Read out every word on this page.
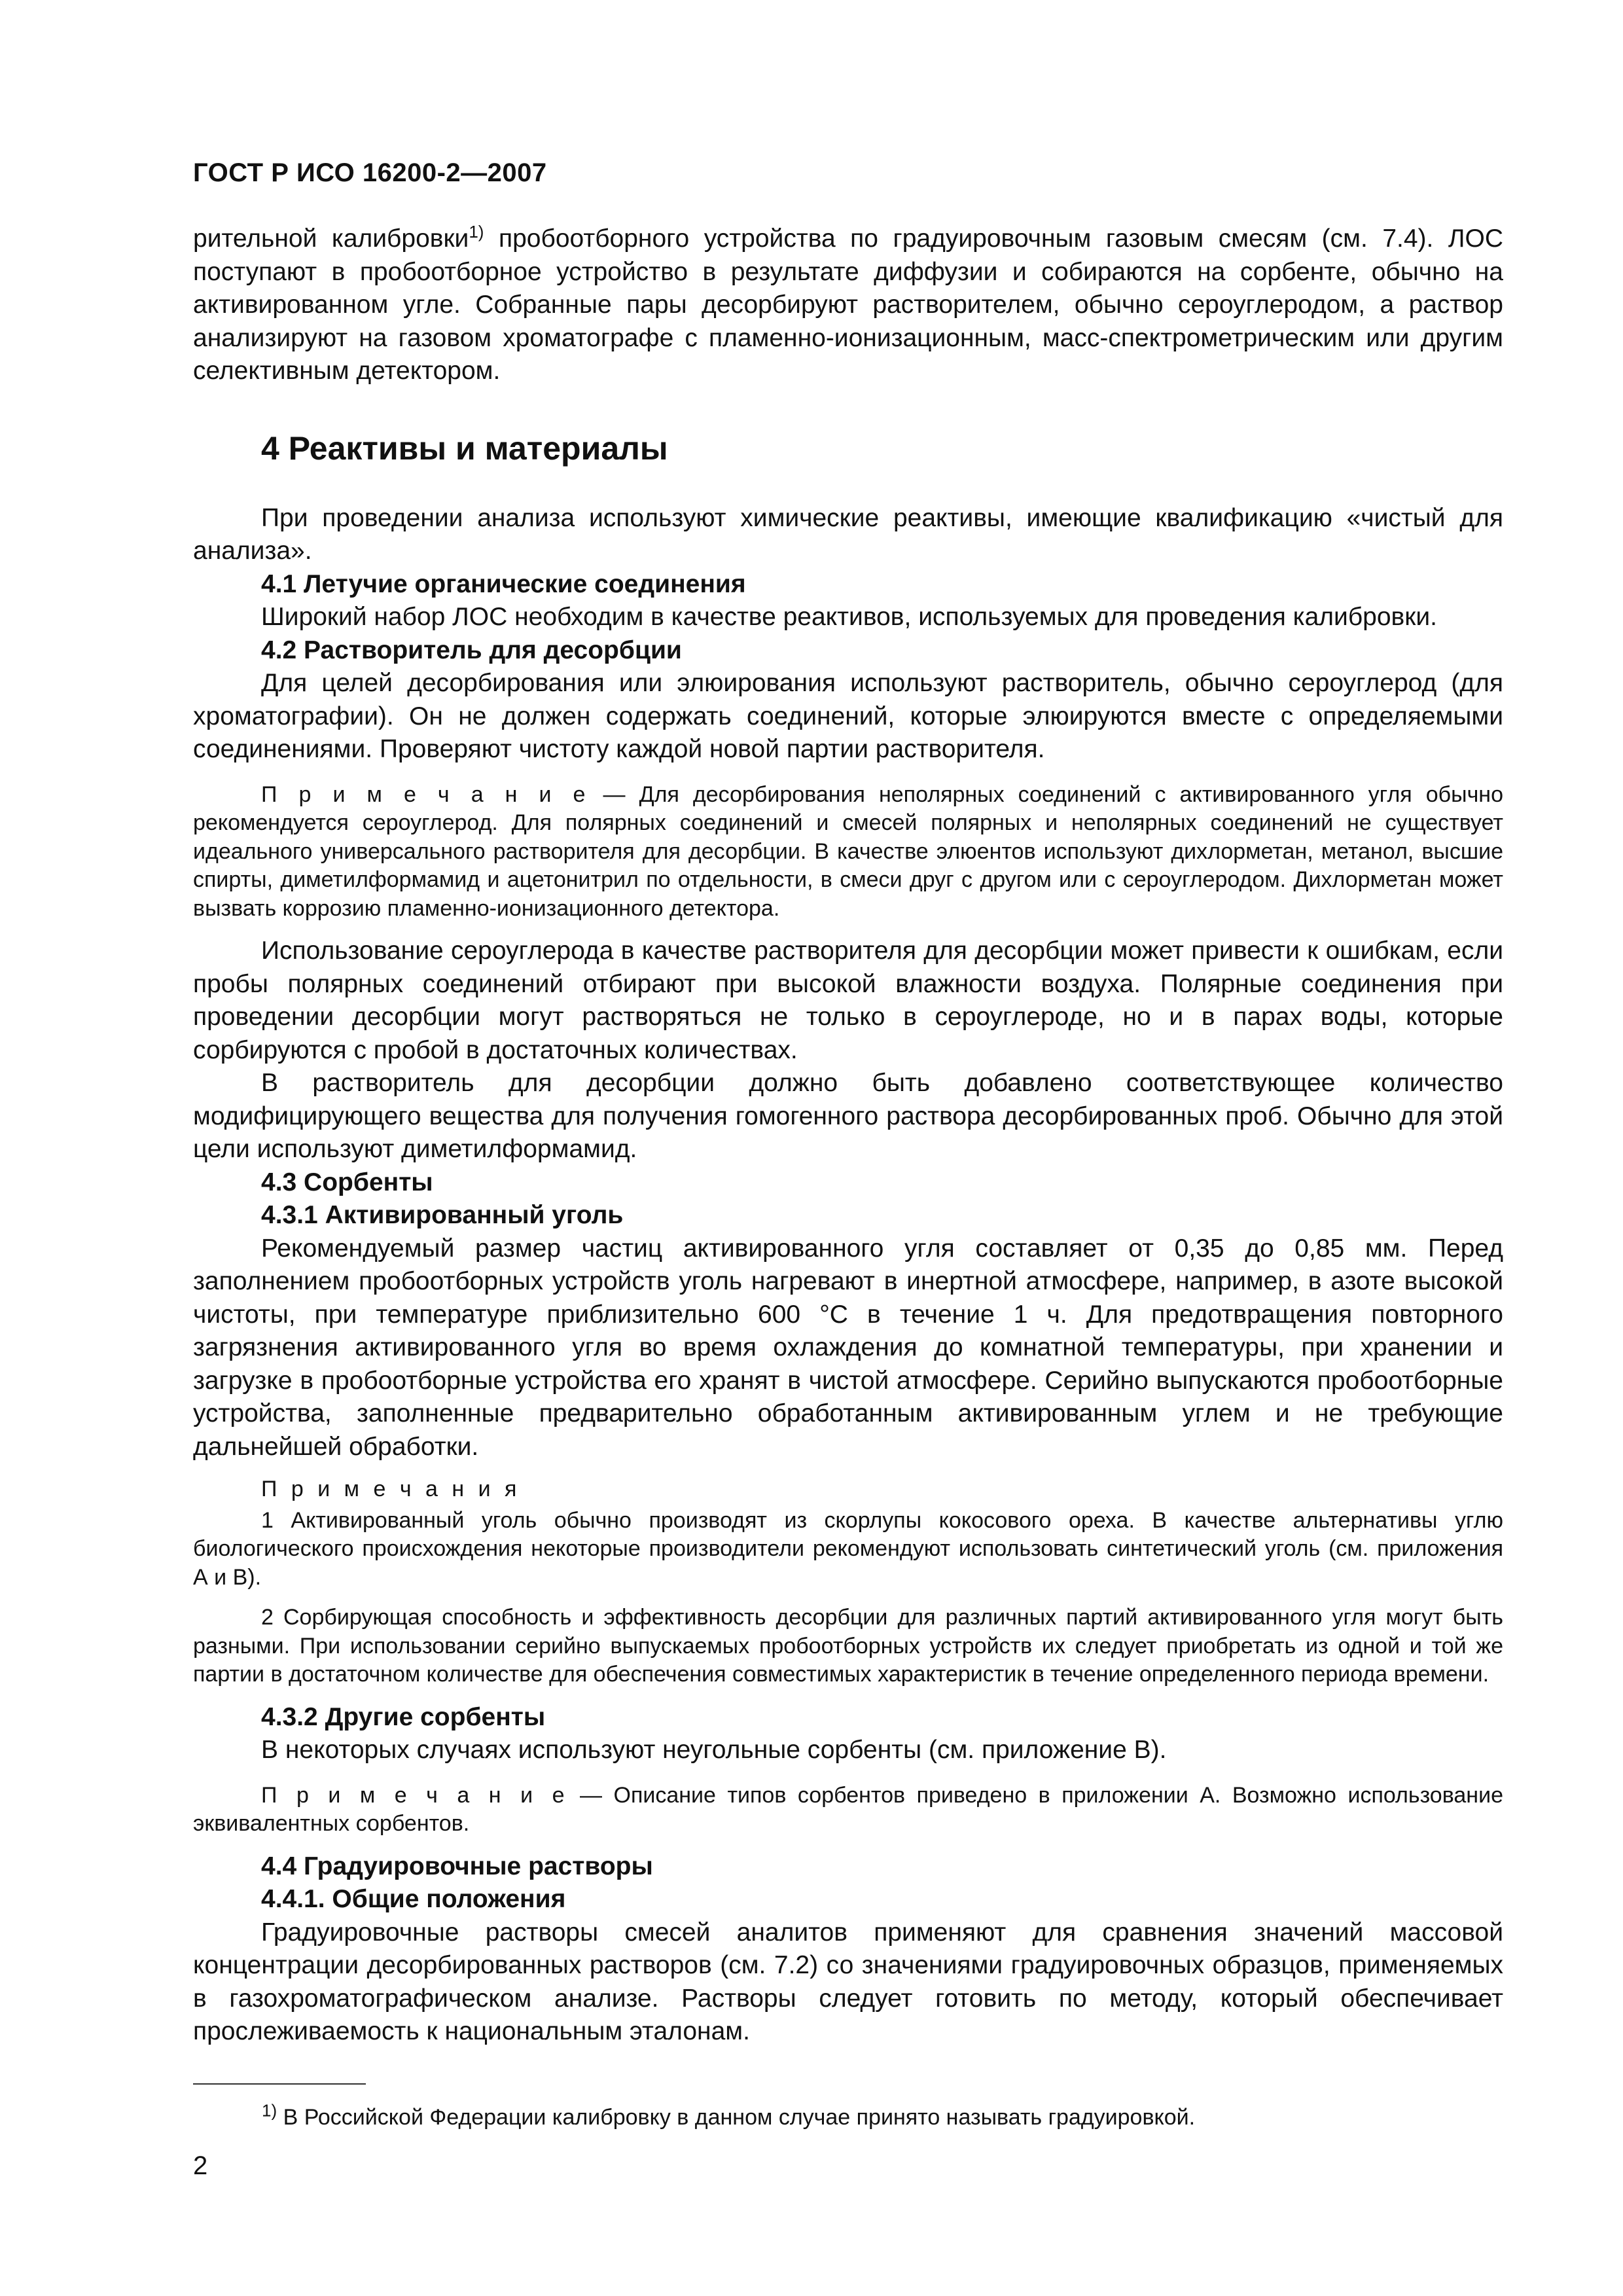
ГОСТ Р ИСО 16200-2—2007

рительной калибровки$^{1)}$ пробоотборного устройства по градуировочным газовым смесям (см. 7.4). ЛОС поступают в пробоотборное устройство в результате диффузии и собираются на сорбенте, обычно на активированном угле. Собранные пары десорбируют растворителем, обычно сероуглеродом, а раствор анализируют на газовом хроматографе с пламенно-ионизационным, масс-спектрометрическим или другим селективным детектором.

4 Реактивы и материалы

При проведении анализа используют химические реактивы, имеющие квалификацию «чистый для анализа».

4.1 Летучие органические соединения

Широкий набор ЛОС необходим в качестве реактивов, используемых для проведения калибровки.

4.2 Растворитель для десорбции

Для целей десорбирования или элюирования используют растворитель, обычно сероуглерод (для хроматографии). Он не должен содержать соединений, которые элюируются вместе с определяемыми соединениями. Проверяют чистоту каждой новой партии растворителя.

П р и м е ч а н и е — Для десорбирования неполярных соединений с активированного угля обычно рекомендуется сероуглерод. Для полярных соединений и смесей полярных и неполярных соединений не существует идеального универсального растворителя для десорбции. В качестве элюентов используют дихлорметан, метанол, высшие спирты, диметилформамид и ацетонитрил по отдельности, в смеси друг с другом или с сероуглеродом. Дихлорметан может вызвать коррозию пламенно-ионизационного детектора.

Использование сероуглерода в качестве растворителя для десорбции может привести к ошибкам, если пробы полярных соединений отбирают при высокой влажности воздуха. Полярные соединения при проведении десорбции могут растворяться не только в сероуглероде, но и в парах воды, которые сорбируются с пробой в достаточных количествах.

В растворитель для десорбции должно быть добавлено соответствующее количество модифицирующего вещества для получения гомогенного раствора десорбированных проб. Обычно для этой цели используют диметилформамид.

4.3 Сорбенты
4.3.1 Активированный уголь

Рекомендуемый размер частиц активированного угля составляет от 0,35 до 0,85 мм. Перед заполнением пробоотборных устройств уголь нагревают в инертной атмосфере, например, в азоте высокой чистоты, при температуре приблизительно 600 °С в течение 1 ч. Для предотвращения повторного загрязнения активированного угля во время охлаждения до комнатной температуры, при хранении и загрузке в пробоотборные устройства его хранят в чистой атмосфере. Серийно выпускаются пробоотборные устройства, заполненные предварительно обработанным активированным углем и не требующие дальнейшей обработки.

П р и м е ч а н и я

1 Активированный уголь обычно производят из скорлупы кокосового ореха. В качестве альтернативы углю биологического происхождения некоторые производители рекомендуют использовать синтетический уголь (см. приложения А и В).

2 Сорбирующая способность и эффективность десорбции для различных партий активированного угля могут быть разными. При использовании серийно выпускаемых пробоотборных устройств их следует приобретать из одной и той же партии в достаточном количестве для обеспечения совместимых характеристик в течение определенного периода времени.

4.3.2 Другие сорбенты

В некоторых случаях используют неугольные сорбенты (см. приложение В).

П р и м е ч а н и е — Описание типов сорбентов приведено в приложении А. Возможно использование эквивалентных сорбентов.

4.4 Градуировочные растворы
4.4.1. Общие положения

Градуировочные растворы смесей аналитов применяют для сравнения значений массовой концентрации десорбированных растворов (см. 7.2) со значениями градуировочных образцов, применяемых в газохроматографическом анализе. Растворы следует готовить по методу, который обеспечивает прослеживаемость к национальным эталонам.

$^{1)}$ В Российской Федерации калибровку в данном случае принято называть градуировкой.
2
